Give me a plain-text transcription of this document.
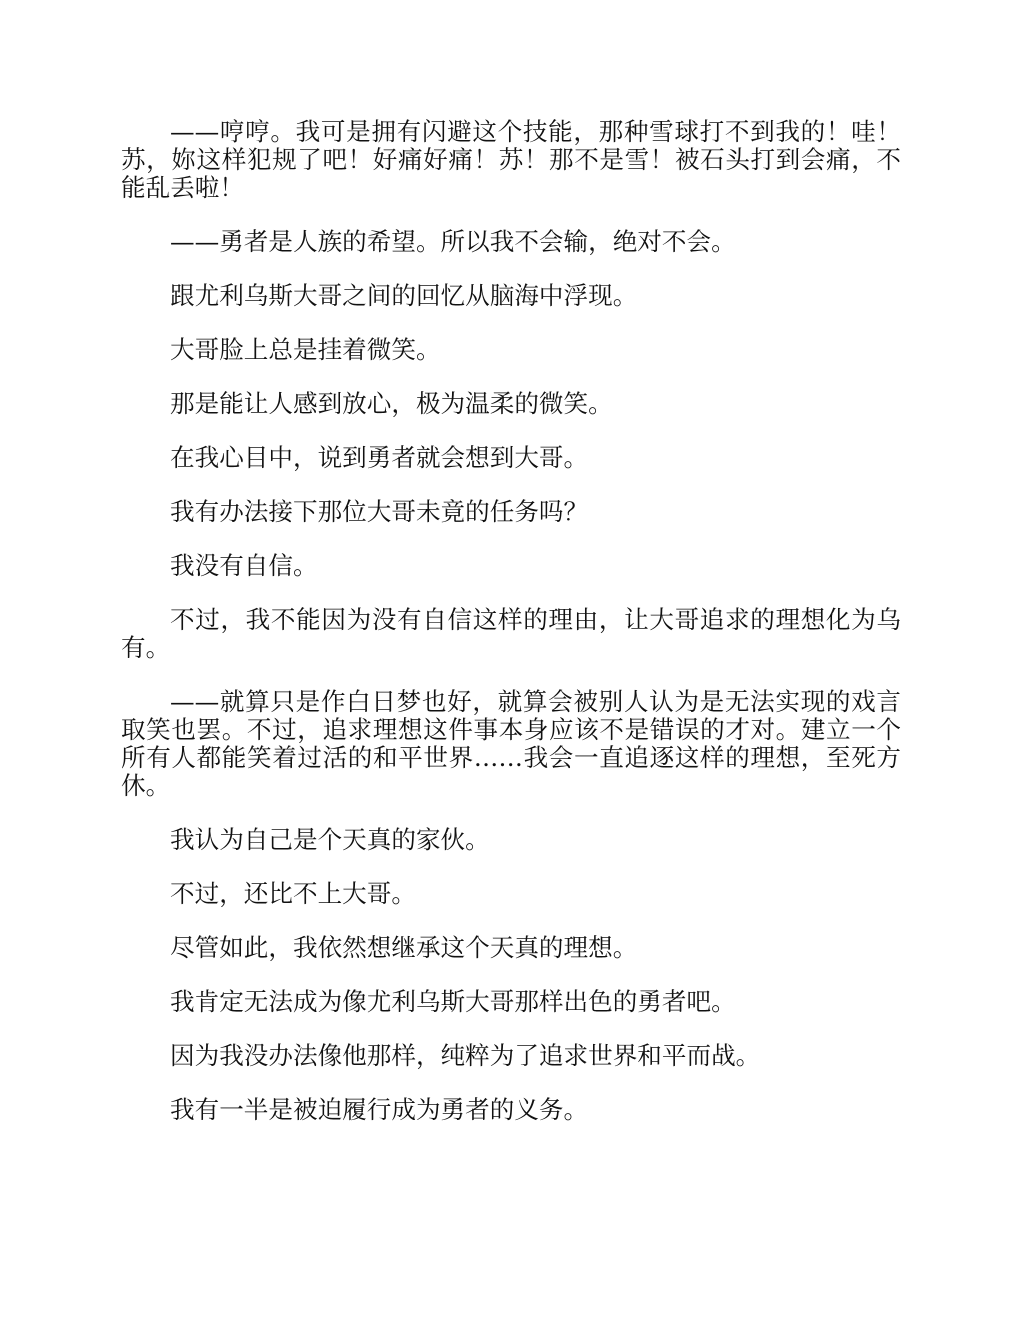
——哼哼。我可是拥有闪避这个技能，那种雪球打不到我的！哇！苏，妳这样犯规了吧！好痛好痛！苏！那不是雪！被石头打到会痛，不能乱丢啦！

——勇者是人族的希望。所以我不会输，绝对不会。

跟尤利乌斯大哥之间的回忆从脑海中浮现。

大哥脸上总是挂着微笑。

那是能让人感到放心，极为温柔的微笑。

在我心目中，说到勇者就会想到大哥。

我有办法接下那位大哥未竟的任务吗？

我没有自信。

不过，我不能因为没有自信这样的理由，让大哥追求的理想化为乌有。

——就算只是作白日梦也好，就算会被别人认为是无法实现的戏言取笑也罢。不过，追求理想这件事本身应该不是错误的才对。建立一个所有人都能笑着过活的和平世界……我会一直追逐这样的理想，至死方休。

我认为自己是个天真的家伙。

不过，还比不上大哥。

尽管如此，我依然想继承这个天真的理想。

我肯定无法成为像尤利乌斯大哥那样出色的勇者吧。

因为我没办法像他那样，纯粹为了追求世界和平而战。

我有一半是被迫履行成为勇者的义务。
